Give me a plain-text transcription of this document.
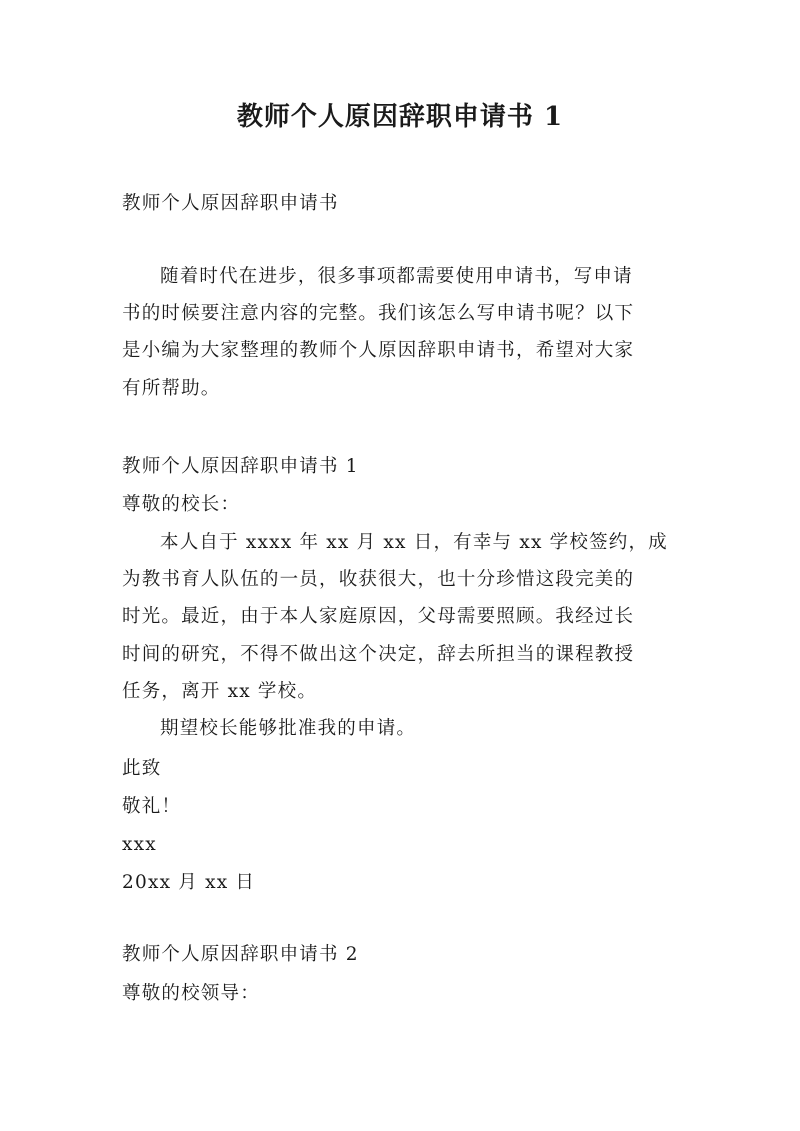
教师个人原因辞职申请书 1
教师个人原因辞职申请书
随着时代在进步，很多事项都需要使用申请书，写申请
书的时候要注意内容的完整。我们该怎么写申请书呢？以下
是小编为大家整理的教师个人原因辞职申请书，希望对大家
有所帮助。
教师个人原因辞职申请书 1
尊敬的校长：
本人自于 xxxx 年 xx 月 xx 日，有幸与 xx 学校签约，成
为教书育人队伍的一员，收获很大，也十分珍惜这段完美的
时光。最近，由于本人家庭原因，父母需要照顾。我经过长
时间的研究，不得不做出这个决定，辞去所担当的课程教授
任务，离开 xx 学校。
期望校长能够批准我的申请。
此致
敬礼！
xxx
20xx 月 xx 日
教师个人原因辞职申请书 2
尊敬的校领导：
